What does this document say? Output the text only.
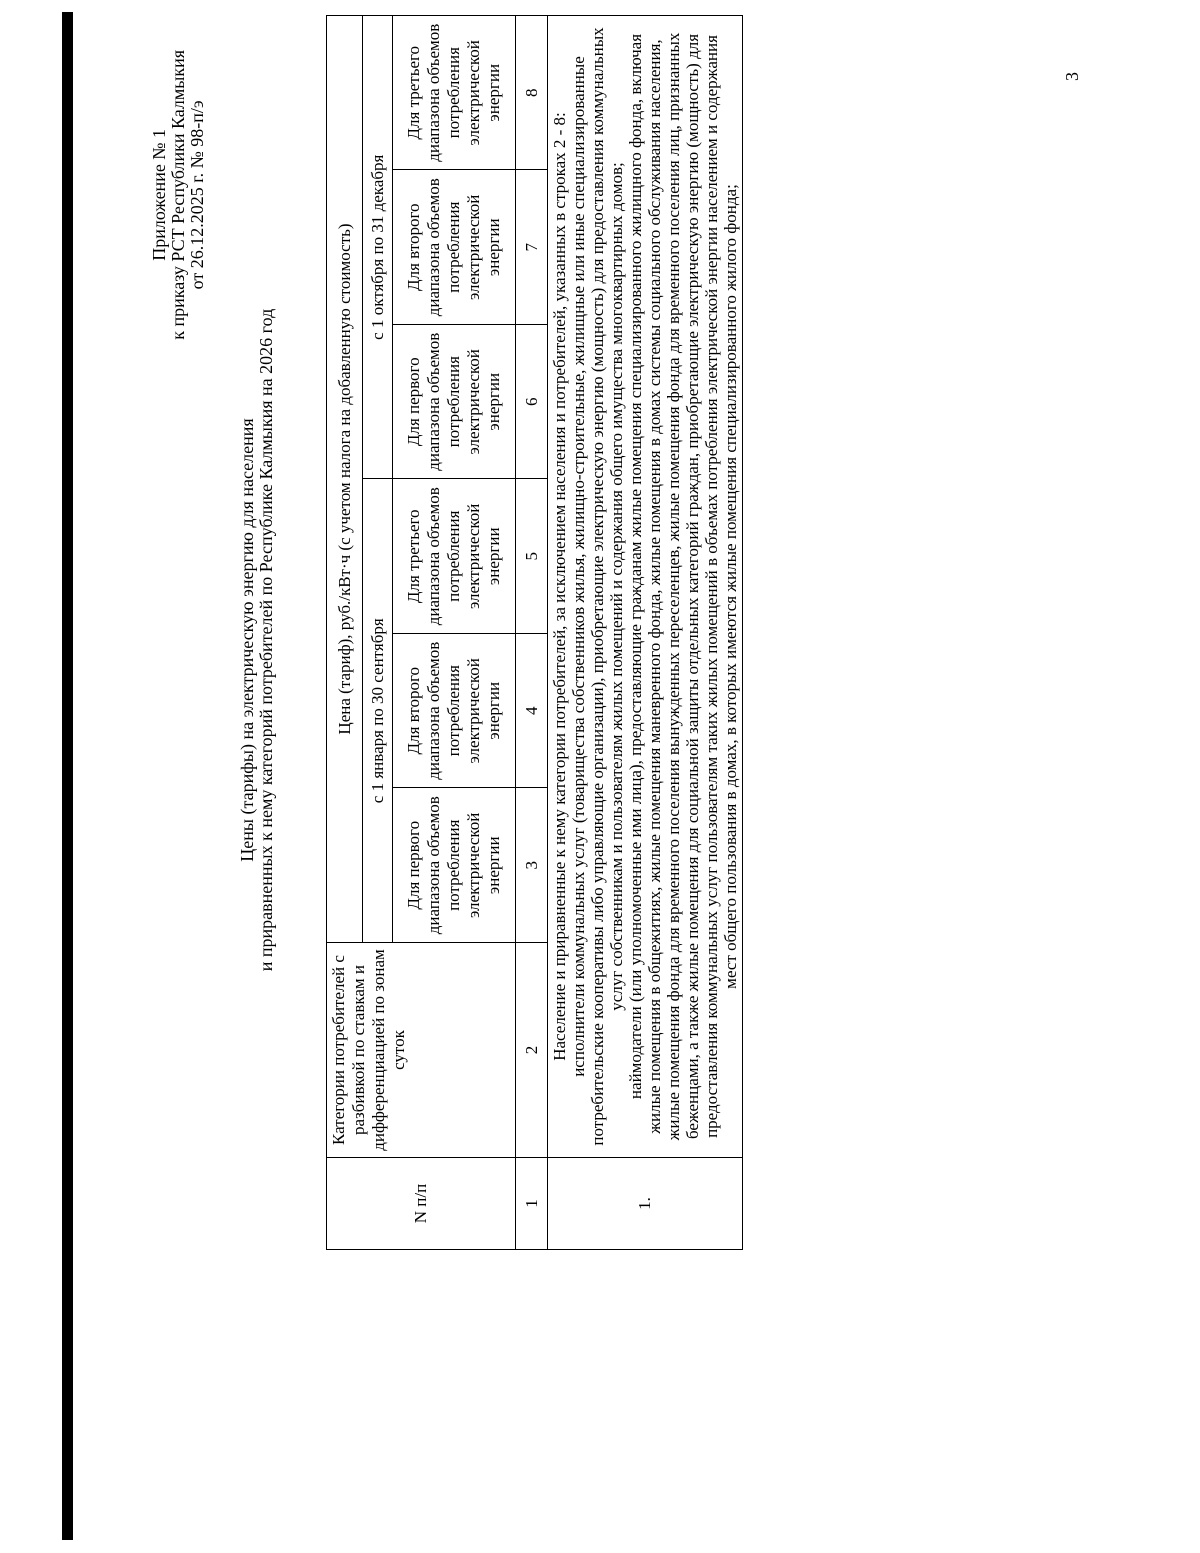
Приложение № 1 к приказу РСТ Республики Калмыкия от 26.12.2025 г. № 98-п/э
Цены (тарифы) на электрическую энергию для населения и приравненных к нему категорий потребителей по Республике Калмыкия на 2026 год
N п/п	Категории потребителей с разбивкой по ставкам и дифференциацией по зонам суток	Цена (тариф), руб./кВт·ч (с учетом налога на добавленную стоимость)					
		с 1 января по 30 сентября			с 1 октября по 31 декабря		
		Для первого диапазона объемов потребления электрической энергии	Для второго диапазона объемов потребления электрической энергии	Для третьего диапазона объемов потребления электрической энергии	Для первого диапазона объемов потребления электрической энергии	Для второго диапазона объемов потребления электрической энергии	Для третьего диапазона объемов потребления электрической энергии
1	2	3	4	5	6	7	8
1.	Население и приравненные к нему категории потребителей, за исключением населения и потребителей, указанных в строках 2 - 8: исполнители коммунальных услуг (товарищества собственников жилья, жилищно-строительные, жилищные или иные специализированные потребительские кооперативы либо управляющие организации), приобретающие электрическую энергию (мощность) для предоставления коммунальных услуг собственникам и пользователям жилых помещений и содержания общего имущества многоквартирных домов; наймодатели (или уполномоченные ими лица), предоставляющие гражданам жилые помещения специализированного жилищного фонда, включая жилые помещения в общежитиях, жилые помещения маневренного фонда, жилые помещения в домах системы социального обслуживания населения, жилые помещения фонда для временного поселения вынужденных переселенцев, жилые помещения фонда для временного поселения лиц, признанных беженцами, а также жилые помещения для социальной защиты отдельных категорий граждан, приобретающие электрическую энергию (мощность) для предоставления коммунальных услуг пользователям таких жилых помещений в объемах потребления электрической энергии населением и содержания мест общего пользования в домах, в которых имеются жилые помещения специализированного жилого фонда;						

3
